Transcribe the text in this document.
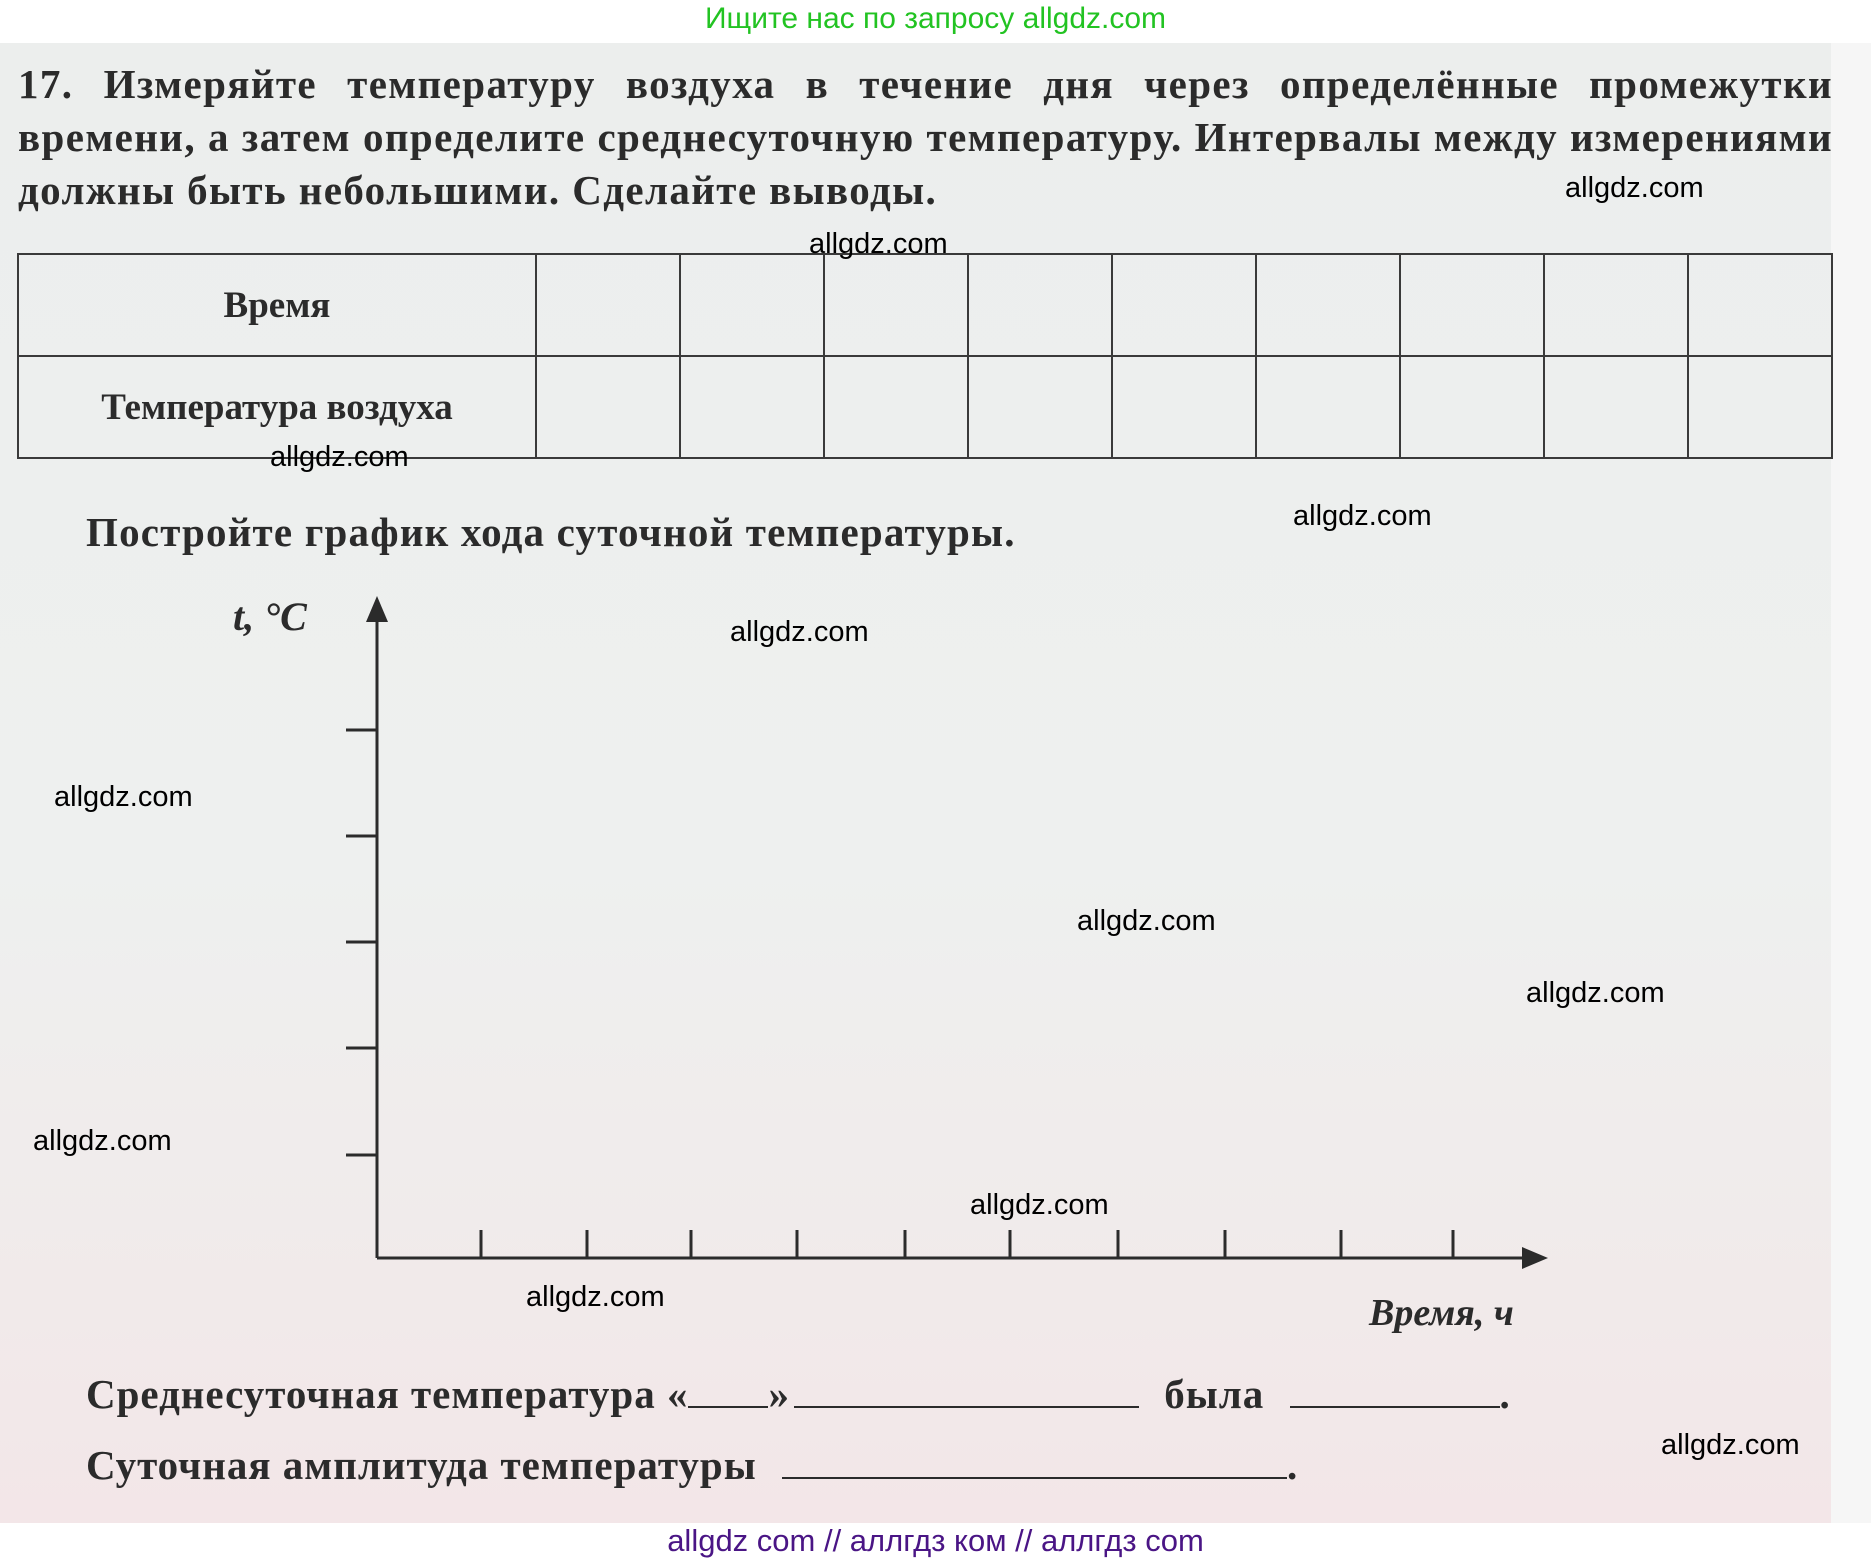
Ищите нас по запросу allgdz.com
17. Измеряйте температуру воздуха в течение дня через определённые промежутки времени, а затем определите среднесуточную температуру. Интервалы между измерениями должны быть небольшими. Сделайте выводы.
Время									
Температура воздуха									
Постройте график хода суточной температуры.
t, °C
Время, ч
Среднесуточная температура « »	была	.
Суточная амплитуда температуры	.
allgdz.com
allgdz.com
allgdz.com
allgdz.com
allgdz.com
allgdz.com
allgdz.com
allgdz.com
allgdz.com
allgdz.com
allgdz.com
allgdz.com
allgdz com // аллгдз ком // аллгдз com
